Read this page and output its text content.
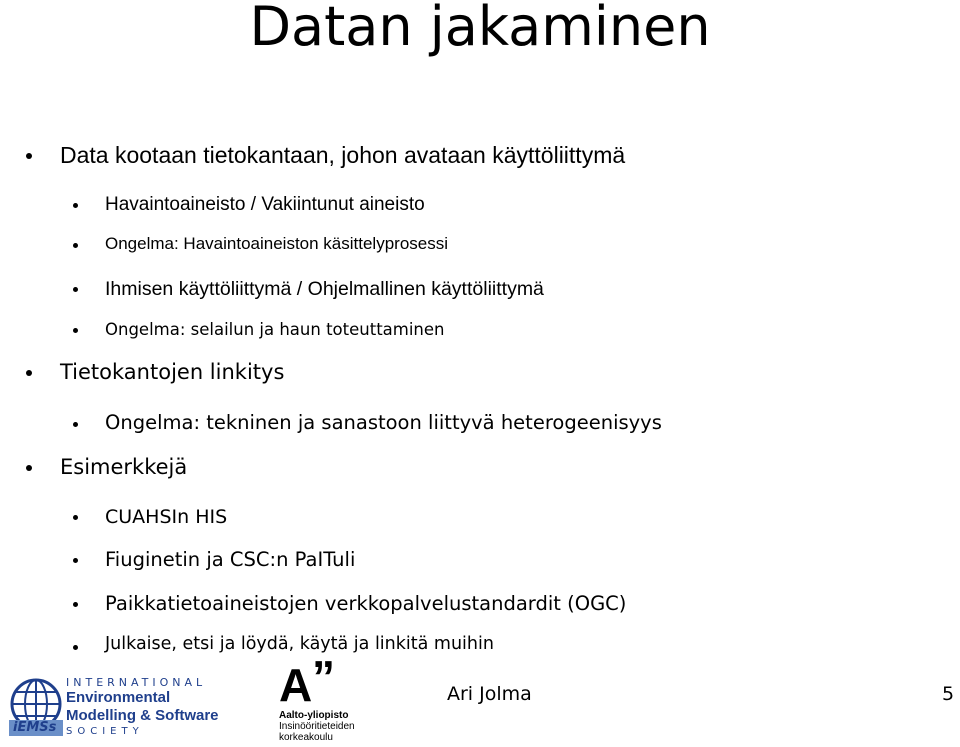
Datan jakaminen
Data kootaan tietokantaan, johon avataan käyttöliittymä
Havaintoaineisto / Vakiintunut aineisto
Ongelma: Havaintoaineiston käsittelyprosessi
Ihmisen käyttöliittymä / Ohjelmallinen käyttöliittymä
Ongelma: selailun ja haun toteuttaminen
Tietokantojen linkitys
Ongelma: tekninen ja sanastoon liittyvä heterogeenisyys
Esimerkkejä
CUAHSIn HIS
Fiuginetin ja CSC:n PaITuli
Paikkatietoaineistojen verkkopalvelustandardit (OGC)
Julkaise, etsi ja löydä, käytä ja linkitä muihin
iEMSs
INTERNATIONAL
Environmental
Modelling & Software
SOCIETY
A ”
Aalto-yliopisto
Insinööritieteiden
korkeakoulu
Ari Jolma	5
